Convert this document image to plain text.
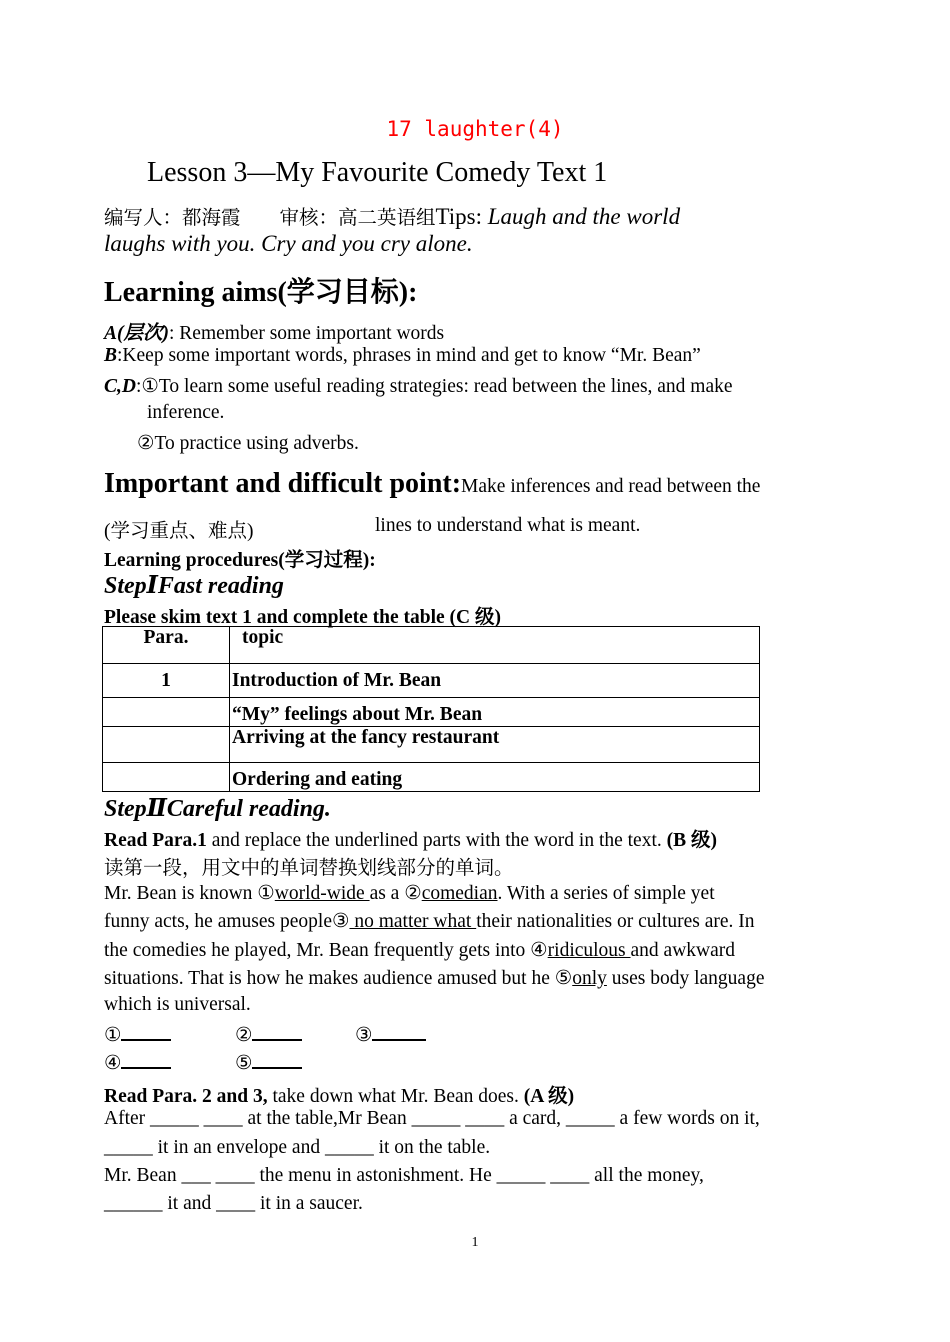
17 laughter(4)
Lesson 3—My Favourite Comedy Text 1
编写人：都海霞　　审核：高二英语组Tips: Laugh and the world
laughs with you. Cry and you cry alone.
Learning aims(学习目标):
A(层次): Remember some important words
B:Keep some important words, phrases in mind and get to know “Mr. Bean”
C,D:①To learn some useful reading strategies: read between the lines, and make
inference.
②To practice using adverbs.
Important and difficult point:Make inferences and read between the
(学习重点、难点)	lines to understand what is meant.
Learning procedures(学习过程):
StepⅠFast reading
Please skim text 1 and complete the table (C 级)
Para.	topic
1	Introduction of Mr. Bean
	“My” feelings about Mr. Bean
	Arriving at the fancy restaurant
	Ordering and eating
StepⅡCareful reading.
Read Para.1 and replace the underlined parts with the word in the text. (B 级)
读第一段，用文中的单词替换划线部分的单词。
Mr. Bean is known ①world-wide as a ②comedian. With a series of simple yet
funny acts, he amuses people③ no matter what their nationalities or cultures are. In
the comedies he played, Mr. Bean frequently gets into ④ridiculous and awkward
situations. That is how he makes audience amused but he ⑤only uses body language
which is universal.
①	②	③
④	⑤
Read Para. 2 and 3, take down what Mr. Bean does. (A 级)
After _____ ____ at the table,Mr Bean _____ ____ a card, _____ a few words on it,
_____ it in an envelope and _____ it on the table.
Mr. Bean ___ ____ the menu in astonishment. He _____ ____ all the money,
______ it and ____ it in a saucer.
1
